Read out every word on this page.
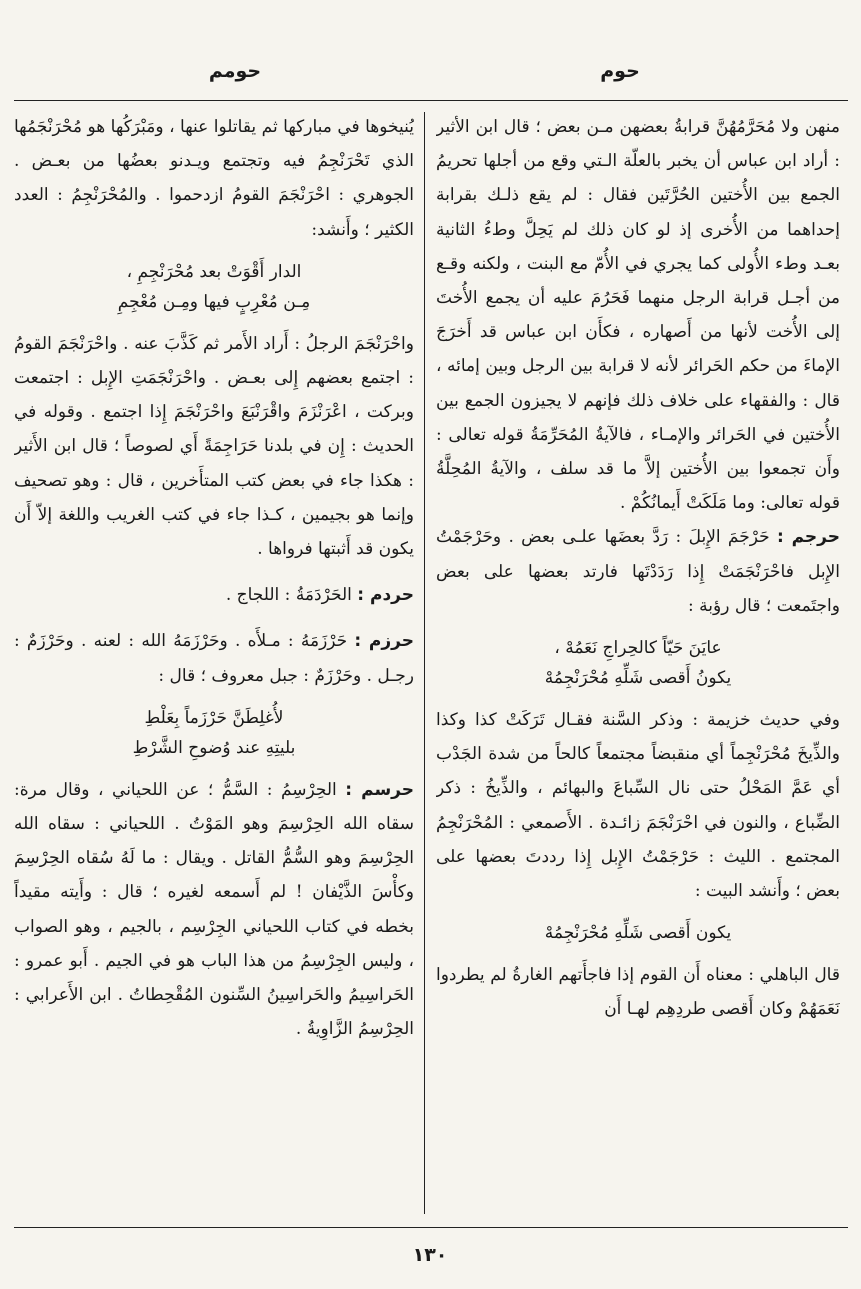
حوم
حومم

منهن ولا مُحَرَّمُهُنَّ قرابةُ بعضهن مـن بعض ؛ قال ابن الأثير : أراد ابن عباس أن يخبر بالعلّة الـتي وقع من أجلها تحريمُ الجمع بين الأُختين الحُرَّتَين فقال : لم يقع ذلـك بقرابة إحداهما من الأُخرى إذ لو كان ذلك لم يَحِلَّ وطءُ الثانية بعـد وطء الأُولى كما يجري في الأُمّ مع البنت ، ولكنه وقـع من أجـل قرابة الرجل منهما فَحَرُمَ عليه أن يجمع الأُختَ إلى الأُخت لأنها من أَصهاره ، فكأَن ابن عباس قد أَخرَجَ الإماءَ من حكم الحَرائر لأنه لا قرابة بين الرجل وبين إمائه ، قال : والفقهاء على خلاف ذلك فإنهم لا يجيزون الجمع بين الأُختين في الحَرائر والإمـاء ، فالآيةُ المُحَرِّمَةُ قوله تعالى : وأَن تجمعوا بين الأُختين إلاَّ ما قد سلف ، والآيةُ المُحِلَّةُ قوله تعالى: وما مَلَكَتْ أَيمانُكُمْ .

حرجم : حَرْجَمَ الإِبلَ : رَدَّ بعضَها علـى بعض . وحَرْجَمْتُ الإِبل فاحْرَنْجَمَتْ إِذا رَدَدْتَها فارتد بعضها على بعض واجتَمعت ؛ قال رؤبة :

عايَنَ حَيّاً كالحِراجِ نَعَمُهْ ،
يكونُ أَقصى شَلِّهِ مُحْرَنْجِمُهْ

وفي حديث خزيمة : وذكر السَّنة فقـال تَرَكَتْ كذا وكذا والذِّيخَ مُحْرَنْجِماً أي منقبضاً مجتمعاً كالحاً من شدة الجَدْب أي عَمَّ المَحْلُ حتى نال السِّباعَ والبهائم ، والذِّيخُ : ذكر الضِّباع ، والنون في احْرَنْجَمَ زائـدة . الأَصمعي : المُحْرَنْجِمُ المجتمع . الليث : حَرْجَمْتُ الإِبل إِذا رددتَ بعضها على بعض ؛ وأَنشد البيت :

يكون أَقصى شَلِّهِ مُحْرَنْجِمُهْ

قال الباهلي : معناه أَن القوم إذا فاجأَتهم الغارةُ لم يطردوا نَعَمَهُمْ وكان أَقصى طردِهِم لهـا أَن

يُنيخوها في مباركها ثم يقاتلوا عنها ، ومَبْرَكُها هو مُحْرَنْجَمُها الذي تَحْرَنْجِمُ فيه وتجتمع ويـدنو بعضُها من بعـض . الجوهري : احْرَنْجَمَ القومُ ازدحموا . والمُحْرَنْجِمُ : العدد الكثير ؛ وأَنشد:

الدار أَقْوَتْ بعد مُحْرَنْجِمِ ،
مِـن مُعْرِبٍ فيها ومِـن مُعْجِمِ

واحْرَنْجَمَ الرجلُ : أَراد الأَمر ثم كَذَّبَ عنه . واحْرَنْجَمَ القومُ : اجتمع بعضهم إِلى بعـض . واحْرَنْجَمَتِ الإِبل : اجتمعت وبركت ، اعْرَنْزَمَ واقْرَنْبَعَ واحْرَنْجَمَ إِذا اجتمع . وقوله في الحديث : إِن في بلدنا حَرَاجِمَةً أَي لصوصاً ؛ قال ابن الأَثير : هكذا جاء في بعض كتب المتأَخرين ، قال : وهو تصحيف وإنما هو بجيمين ، كـذا جاء في كتب الغريب واللغة إلاّ أَن يكون قد أَثبتها فرواها .

حردم : الحَرْدَمَةُ : اللجاج .

حرزم : حَرْزَمَهُ : مـلأَه . وحَرْزَمَهُ الله : لعنه . وحَرْزَمٌ : رجـل . وحَرْزَمٌ : جبل معروف ؛ قال :

لأُغلِطَنَّ حَرْزَماً بِعَلْطِ
بليتِهِ عند وُضوحِ الشَّرْطِ

حرسم : الحِرْسِمُ : السَّمُّ ؛ عن اللحياني ، وقال مرة: سقاه الله الحِرْسِمَ وهو المَوْتُ . اللحياني : سقاه الله الحِرْسِمَ وهو السُّمُّ القاتل . ويقال : ما لَهُ سُقاه الحِرْسِمَ وكأْسَ الذَّيْفان ! لم أَسمعه لغيره ؛ قال : وأَيته مقيداً بخطه في كتاب اللحياني الجِرْسِم ، بالجيم ، وهو الصواب ، وليس الجِرْسِمُ من هذا الباب هو في الجيم . أَبو عمرو : الحَراسِيمُ والحَراسِينُ السِّنون المُقْحِطاتُ . ابن الأَعرابي : الحِرْسِمُ الزَّاوِيةُ .

١٣٠
